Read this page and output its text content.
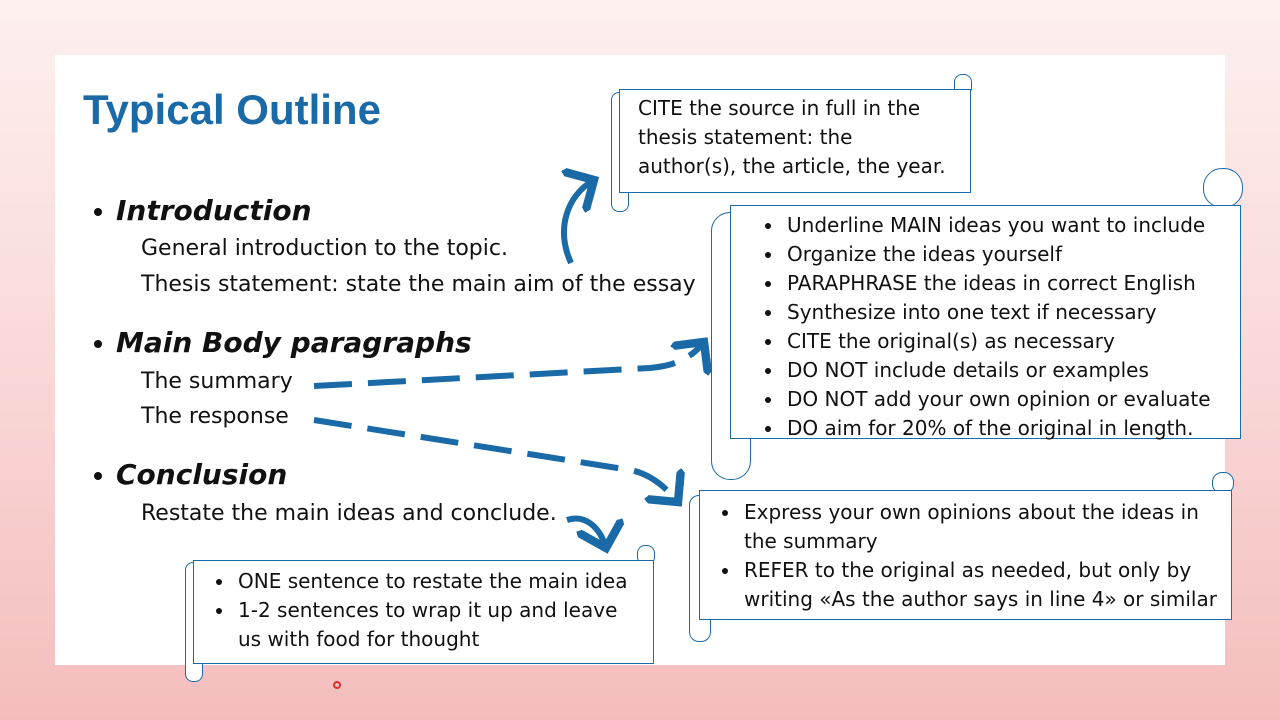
Typical Outline
Introduction
General introduction to the topic.
Thesis statement: state the main aim of the essay
Main Body paragraphs
The summary
The response
Conclusion
Restate the main ideas and conclude.
CITE the source in full in the
thesis statement: the
author(s), the article, the year.
Underline MAIN ideas you want to include
Organize the ideas yourself
PARAPHRASE the ideas in correct English
Synthesize into one text if necessary
CITE the original(s) as necessary
DO NOT include details or examples
DO NOT add your own opinion or evaluate
DO aim for 20% of the original in length.
Express your own opinions about the ideas in the summary
REFER to the original as needed, but only by writing «As the author says in line 4» or similar
ONE sentence to restate the main idea
1-2 sentences to wrap it up and leave us with food for thought
